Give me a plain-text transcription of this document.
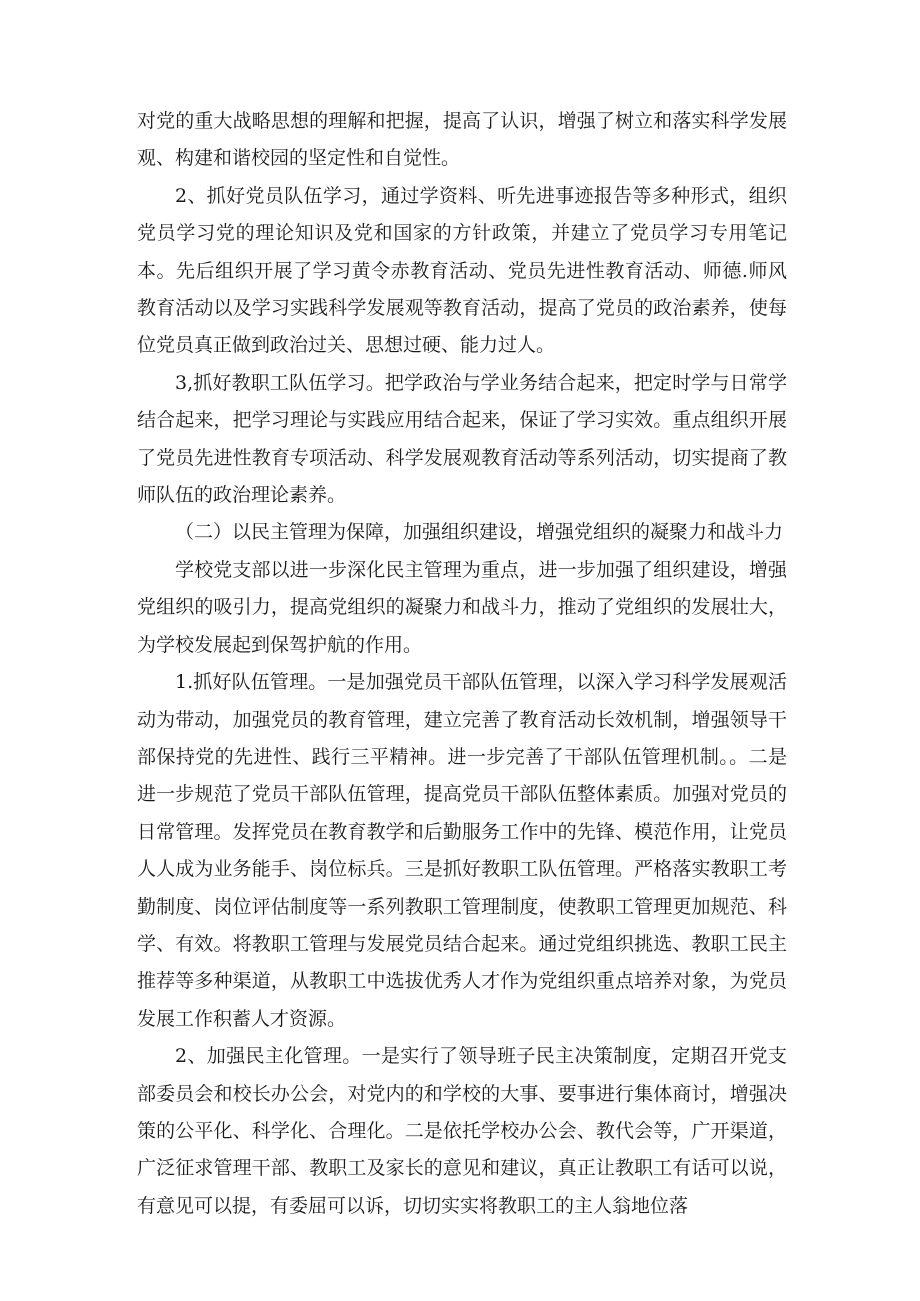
对党的重大战略思想的理解和把握，提高了认识，增强了树立和落实科学发展观、构建和谐校园的坚定性和自觉性。

2、抓好党员队伍学习，通过学资料、听先进事迹报告等多种形式，组织党员学习党的理论知识及党和国家的方针政策，并建立了党员学习专用笔记本。先后组织开展了学习黄令赤教育活动、党员先进性教育活动、师德.师风教育活动以及学习实践科学发展观等教育活动，提高了党员的政治素养，使每位党员真正做到政治过关、思想过硬、能力过人。

3,抓好教职工队伍学习。把学政治与学业务结合起来，把定时学与日常学结合起来，把学习理论与实践应用结合起来，保证了学习实效。重点组织开展了党员先进性教育专项活动、科学发展观教育活动等系列活动，切实提商了教师队伍的政治理论素养。

（二）以民主管理为保障，加强组织建设，增强党组织的凝聚力和战斗力

学校党支部以进一步深化民主管理为重点，进一步加强了组织建设，增强党组织的吸引力，提高党组织的凝聚力和战斗力，推动了党组织的发展壮大，为学校发展起到保驾护航的作用。

1.抓好队伍管理。一是加强党员干部队伍管理，以深入学习科学发展观活动为带动，加强党员的教育管理，建立完善了教育活动长效机制，增强领导干部保持党的先进性、践行三平精神。进一步完善了干部队伍管理机制。。二是进一步规范了党员干部队伍管理，提高党员干部队伍整体素质。加强对党员的日常管理。发挥党员在教育教学和后勤服务工作中的先锋、模范作用，让党员人人成为业务能手、岗位标兵。三是抓好教职工队伍管理。严格落实教职工考勤制度、岗位评估制度等一系列教职工管理制度，使教职工管理更加规范、科学、有效。将教职工管理与发展党员结合起来。通过党组织挑选、教职工民主推荐等多种渠道，从教职工中选拔优秀人才作为党组织重点培养对象，为党员发展工作积蓄人才资源。

2、加强民主化管理。一是实行了领导班子民主决策制度，定期召开党支部委员会和校长办公会，对党内的和学校的大事、要事进行集体商讨，增强决策的公平化、科学化、合理化。二是依托学校办公会、教代会等，广开渠道，广泛征求管理干部、教职工及家长的意见和建议，真正让教职工有话可以说，有意见可以提，有委屈可以诉，切切实实将教职工的主人翁地位落
